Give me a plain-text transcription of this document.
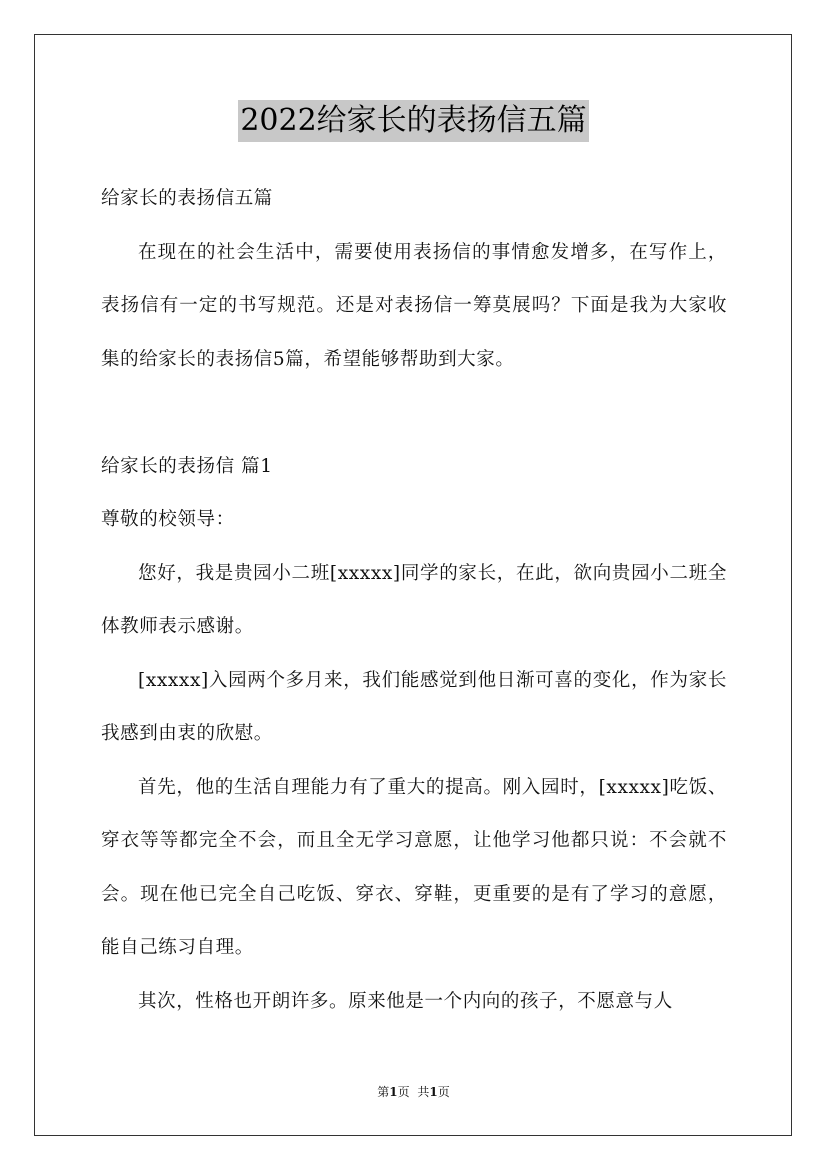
2022给家长的表扬信五篇

给家长的表扬信五篇

在现在的社会生活中，需要使用表扬信的事情愈发增多，在写作上，表扬信有一定的书写规范。还是对表扬信一筹莫展吗？下面是我为大家收集的给家长的表扬信5篇，希望能够帮助到大家。

给家长的表扬信 篇1

尊敬的校领导：

您好，我是贵园小二班[xxxxx]同学的家长，在此，欲向贵园小二班全体教师表示感谢。

[xxxxx]入园两个多月来，我们能感觉到他日渐可喜的变化，作为家长我感到由衷的欣慰。

首先，他的生活自理能力有了重大的提高。刚入园时，[xxxxx]吃饭、穿衣等等都完全不会，而且全无学习意愿，让他学习他都只说：不会就不会。现在他已完全自己吃饭、穿衣、穿鞋，更重要的是有了学习的意愿，能自己练习自理。

其次，性格也开朗许多。原来他是一个内向的孩子，不愿意与人

第1页 共1页
